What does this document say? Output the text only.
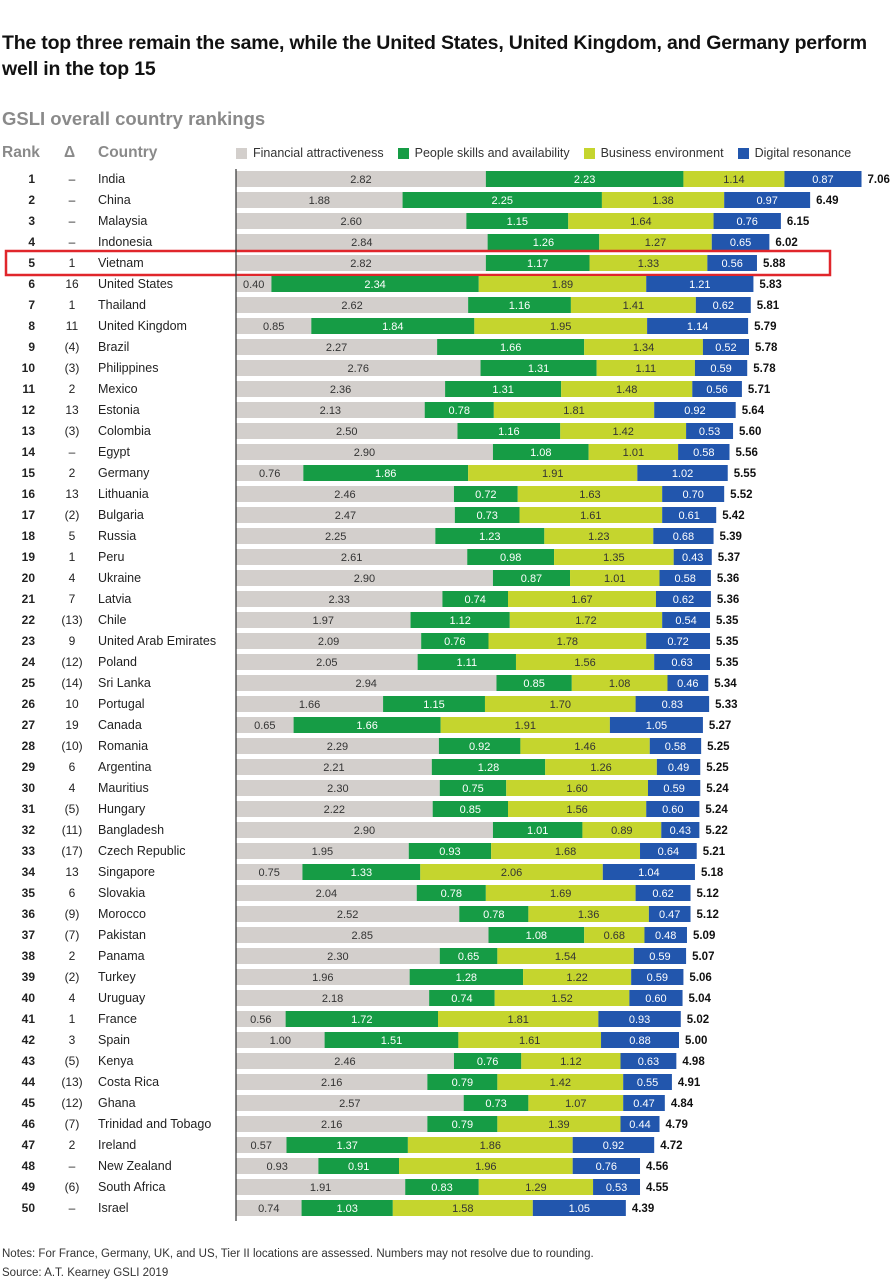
The top three remain the same, while the United States, United Kingdom, and Germany perform well in the top 15
GSLI overall country rankings
Rank Δ Country	Financial attractiveness People skills and availability Business environment Digital resonance
1	– India	2.82	2.23	1.14	0.87	7.06
2	– China	1.88	2.25	1.38	0.97	6.49
3	– Malaysia	2.60	1.15	1.64	0.76	6.15
4	– Indonesia	2.84	1.26	1.27	0.65 6.02
5	1 Vietnam	2.82	1.17	1.33	0.56 5.88
6	16 United States	0.40	2.34	1.89	1.21	5.83
7	1 Thailand	2.62	1.16	1.41	0.62 5.81
8	11 United Kingdom	0.85	1.84	1.95	1.14	5.79
9 (4) Brazil	2.27	1.66	1.34	0.52 5.78
10 (3) Philippines	2.76	1.31	1.11	0.59 5.78
11	2 Mexico	2.36	1.31	1.48	0.56 5.71
12	13 Estonia	2.13	0.78	1.81	0.92	5.64
13 (3) Colombia	2.50	1.16	1.42	0.53 5.60
14	– Egypt	2.90	1.08	1.01	0.58 5.56
15	2 Germany	0.76	1.86	1.91	1.02	5.55
16	13 Lithuania	2.46	0.72	1.63	0.70 5.52
17 (2) Bulgaria	2.47	0.73	1.61	0.61 5.42
18	5 Russia	2.25	1.23	1.23	0.68 5.39
19	1 Peru	2.61	0.98	1.35	0.43 5.37
20	4 Ukraine	2.90	0.87	1.01	0.58 5.36
21	7 Latvia	2.33	0.74	1.67	0.62 5.36
22 (13) Chile	1.97	1.12	1.72	0.54 5.35
23	9 United Arab Emirates	2.09	0.76	1.78	0.72 5.35
24 (12) Poland	2.05	1.11	1.56	0.63 5.35
25 (14) Sri Lanka	2.94	0.85	1.08	0.46 5.34
26	10 Portugal	1.66	1.15	1.70	0.83	5.33
27	19 Canada	0.65	1.66	1.91	1.05	5.27
28 (10) Romania	2.29	0.92	1.46	0.58 5.25
29	6 Argentina	2.21	1.28	1.26	0.49 5.25
30	4 Mauritius	2.30	0.75	1.60	0.59 5.24
31 (5) Hungary	2.22	0.85	1.56	0.60 5.24
32 (11) Bangladesh	2.90	1.01	0.89	0.43 5.22
33 (17) Czech Republic	1.95	0.93	1.68	0.64 5.21
34	13 Singapore	0.75	1.33	2.06	1.04	5.18
35	6 Slovakia	2.04	0.78	1.69	0.62 5.12
36 (9) Morocco	2.52	0.78	1.36	0.47 5.12
37 (7) Pakistan	2.85	1.08	0.68	0.48 5.09
38	2 Panama	2.30	0.65	1.54	0.59 5.07
39 (2) Turkey	1.96	1.28	1.22	0.59 5.06
40	4 Uruguay	2.18	0.74	1.52	0.60 5.04
41	1 France	0.56	1.72	1.81	0.93	5.02
42	3 Spain	1.00	1.51	1.61	0.88	5.00
43 (5) Kenya	2.46	0.76	1.12	0.63 4.98
44 (13) Costa Rica	2.16	0.79	1.42	0.55 4.91
45 (12) Ghana	2.57	0.73	1.07	0.47 4.84
46 (7) Trinidad and Tobago	2.16	0.79	1.39	0.44 4.79
47	2 Ireland	0.57	1.37	1.86	0.92	4.72
48	– New Zealand	0.93	0.91	1.96	0.76	4.56
49 (6) South Africa	1.91	0.83	1.29	0.53 4.55
50	– Israel	0.74	1.03	1.58	1.05	4.39
Notes: For France, Germany, UK, and US, Tier II locations are assessed. Numbers may not resolve due to rounding.
Source: A.T. Kearney GSLI 2019
